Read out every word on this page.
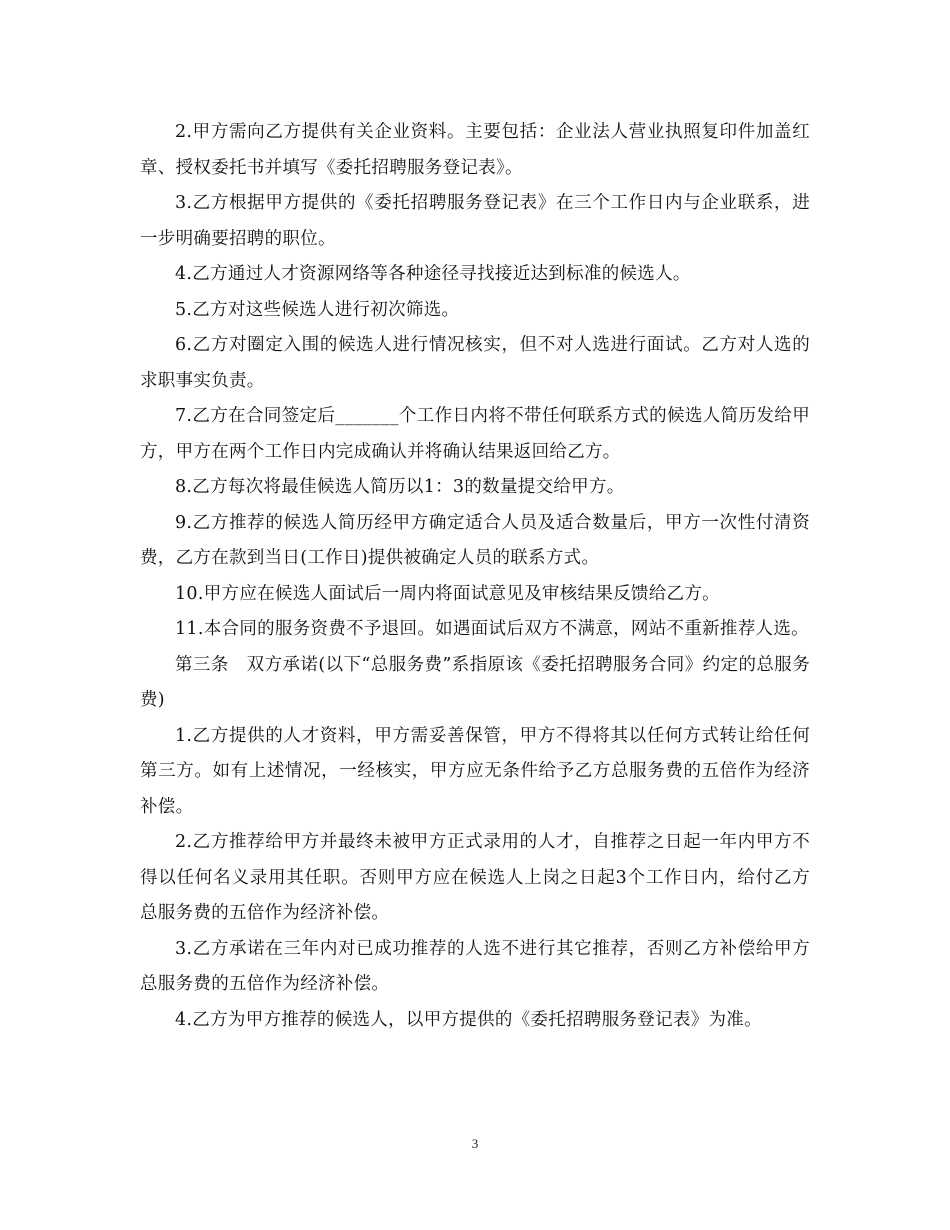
2.甲方需向乙方提供有关企业资料。主要包括：企业法人营业执照复印件加盖红章、授权委托书并填写《委托招聘服务登记表》。

3.乙方根据甲方提供的《委托招聘服务登记表》在三个工作日内与企业联系，进一步明确要招聘的职位。

4.乙方通过人才资源网络等各种途径寻找接近达到标准的候选人。

5.乙方对这些候选人进行初次筛选。

6.乙方对圈定入围的候选人进行情况核实，但不对人选进行面试。乙方对人选的求职事实负责。

7.乙方在合同签定后_______个工作日内将不带任何联系方式的候选人简历发给甲方，甲方在两个工作日内完成确认并将确认结果返回给乙方。

8.乙方每次将最佳候选人简历以1：3的数量提交给甲方。

9.乙方推荐的候选人简历经甲方确定适合人员及适合数量后，甲方一次性付清资费，乙方在款到当日(工作日)提供被确定人员的联系方式。

10.甲方应在候选人面试后一周内将面试意见及审核结果反馈给乙方。

11.本合同的服务资费不予退回。如遇面试后双方不满意，网站不重新推荐人选。

第三条　双方承诺(以下“总服务费”系指原该《委托招聘服务合同》约定的总服务费)

1.乙方提供的人才资料，甲方需妥善保管，甲方不得将其以任何方式转让给任何第三方。如有上述情况，一经核实，甲方应无条件给予乙方总服务费的五倍作为经济补偿。

2.乙方推荐给甲方并最终未被甲方正式录用的人才，自推荐之日起一年内甲方不得以任何名义录用其任职。否则甲方应在候选人上岗之日起3个工作日内，给付乙方总服务费的五倍作为经济补偿。

3.乙方承诺在三年内对已成功推荐的人选不进行其它推荐，否则乙方补偿给甲方总服务费的五倍作为经济补偿。

4.乙方为甲方推荐的候选人，以甲方提供的《委托招聘服务登记表》为准。

3
